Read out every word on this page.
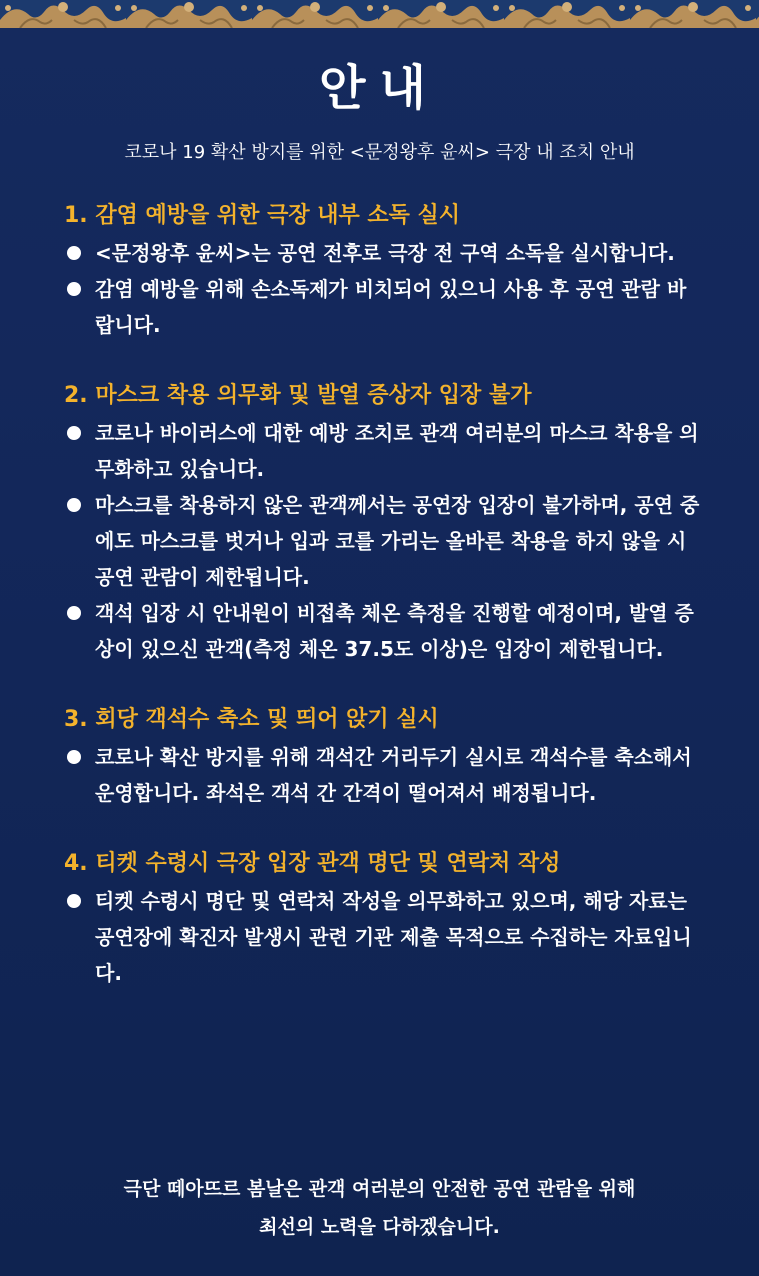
안내
코로나 19 확산 방지를 위한 <문정왕후 윤씨> 극장 내 조치 안내
1. 감염 예방을 위한 극장 내부 소독 실시
<문정왕후 윤씨>는 공연 전후로 극장 전 구역 소독을 실시합니다.
감염 예방을 위해 손소독제가 비치되어 있으니 사용 후 공연 관람 바랍니다.
2. 마스크 착용 의무화 및 발열 증상자 입장 불가
코로나 바이러스에 대한 예방 조치로 관객 여러분의 마스크 착용을 의무화하고 있습니다.
마스크를 착용하지 않은 관객께서는 공연장 입장이 불가하며, 공연 중에도 마스크를 벗거나 입과 코를 가리는 올바른 착용을 하지 않을 시 공연 관람이 제한됩니다.
객석 입장 시 안내원이 비접촉 체온 측정을 진행할 예정이며, 발열 증상이 있으신 관객(측정 체온 37.5도 이상)은 입장이 제한됩니다.
3. 회당 객석수 축소 및 띄어 앉기 실시
코로나 확산 방지를 위해 객석간 거리두기 실시로 객석수를 축소해서 운영합니다. 좌석은 객석 간 간격이 떨어져서 배정됩니다.
4. 티켓 수령시 극장 입장 관객 명단 및 연락처 작성
티켓 수령시 명단 및 연락처 작성을 의무화하고 있으며, 해당 자료는 공연장에 확진자 발생시 관련 기관 제출 목적으로 수집하는 자료입니다.
극단 떼아뜨르 봄날은 관객 여러분의 안전한 공연 관람을 위해
최선의 노력을 다하겠습니다.
